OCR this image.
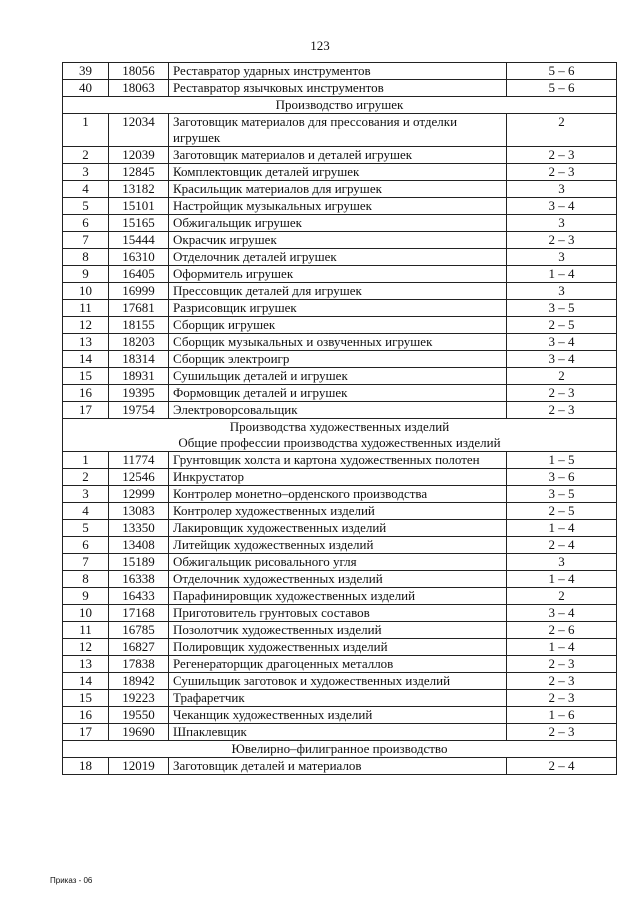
123
39	18056	Реставратор ударных инструментов	5 – 6
40	18063	Реставратор язычковых инструментов	5 – 6

Производство игрушек			

1	12034	Заготовщик материалов для прессования и отделки игрушек	2
2	12039	Заготовщик материалов и деталей игрушек	2 – 3
3	12845	Комплектовщик деталей игрушек	2 – 3
4	13182	Красильщик материалов для игрушек	3
5	15101	Настройщик музыкальных игрушек	3 – 4
6	15165	Обжигальщик игрушек	3
7	15444	Окрасчик игрушек	2 – 3
8	16310	Отделочник деталей игрушек	3
9	16405	Оформитель игрушек	1 – 4
10	16999	Прессовщик деталей для игрушек	3
11	17681	Разрисовщик игрушек	3 – 5
12	18155	Сборщик игрушек	2 – 5
13	18203	Сборщик музыкальных и озвученных игрушек	3 – 4
14	18314	Сборщик электроигр	3 – 4
15	18931	Сушильщик деталей и игрушек	2
16	19395	Формовщик деталей и игрушек	2 – 3
17	19754	Электроворсовальщик	2 – 3

Производства художественных изделий
Общие профессии производства художественных изделий			

1	11774	Грунтовщик холста и картона художественных полотен	1 – 5
2	12546	Инкрустатор	3 – 6
3	12999	Контролер монетно–орденского производства	3 – 5
4	13083	Контролер художественных изделий	2 – 5
5	13350	Лакировщик художественных изделий	1 – 4
6	13408	Литейщик художественных изделий	2 – 4
7	15189	Обжигальщик рисовального угля	3
8	16338	Отделочник художественных изделий	1 – 4
9	16433	Парафинировщик художественных изделий	2
10	17168	Приготовитель грунтовых составов	3 – 4
11	16785	Позолотчик художественных изделий	2 – 6
12	16827	Полировщик художественных изделий	1 – 4
13	17838	Регенераторщик драгоценных металлов	2 – 3
14	18942	Сушильщик заготовок и художественных изделий	2 – 3
15	19223	Трафаретчик	2 – 3
16	19550	Чеканщик художественных изделий	1 – 6
17	19690	Шпаклевщик	2 – 3

Ювелирно–филигранное производство			

18	12019	Заготовщик деталей и материалов	2 – 4
Приказ - 06
